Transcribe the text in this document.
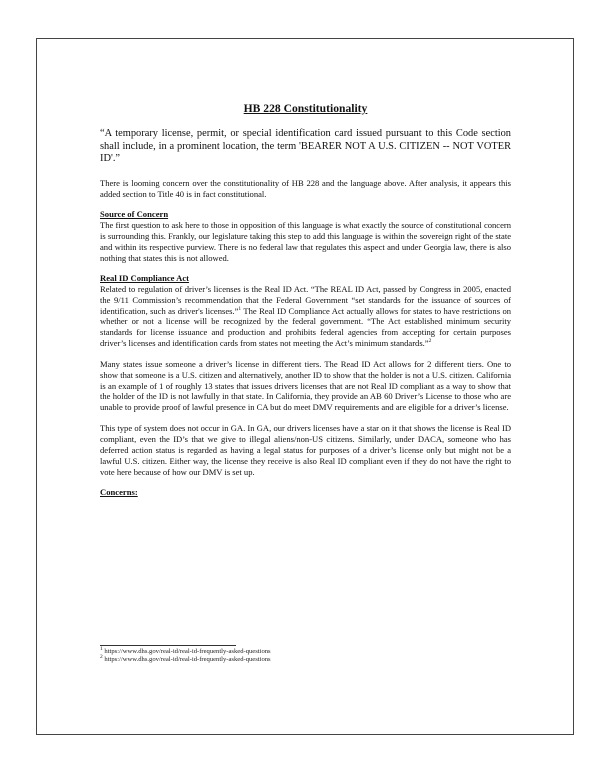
HB 228 Constitutionality
“A temporary license, permit, or special identification card issued pursuant to this Code section shall include, in a prominent location, the term 'BEARER NOT A U.S. CITIZEN -- NOT VOTER ID'.”

There is looming concern over the constitutionality of HB 228 and the language above. After analysis, it appears this added section to Title 40 is in fact constitutional.

Source of Concern

The first question to ask here to those in opposition of this language is what exactly the source of constitutional concern is surrounding this. Frankly, our legislature taking this step to add this language is within the sovereign right of the state and within its respective purview. There is no federal law that regulates this aspect and under Georgia law, there is also nothing that states this is not allowed.

Real ID Compliance Act

Related to regulation of driver’s licenses is the Real ID Act. “The REAL ID Act, passed by Congress in 2005, enacted the 9/11 Commission’s recommendation that the Federal Government “set standards for the issuance of sources of identification, such as driver's licenses.”$^1$ The Real ID Compliance Act actually allows for states to have restrictions on whether or not a license will be recognized by the federal government. “The Act established minimum security standards for license issuance and production and prohibits federal agencies from accepting for certain purposes driver’s licenses and identification cards from states not meeting the Act’s minimum standards.”$^2$

Many states issue someone a driver’s license in different tiers. The Read ID Act allows for 2 different tiers. One to show that someone is a U.S. citizen and alternatively, another ID to show that the holder is not a U.S. citizen. California is an example of 1 of roughly 13 states that issues drivers licenses that are not Real ID compliant as a way to show that the holder of the ID is not lawfully in that state. In California, they provide an AB 60 Driver’s License to those who are unable to provide proof of lawful presence in CA but do meet DMV requirements and are eligible for a driver’s license.

This type of system does not occur in GA. In GA, our drivers licenses have a star on it that shows the license is Real ID compliant, even the ID’s that we give to illegal aliens/non-US citizens. Similarly, under DACA, someone who has deferred action status is regarded as having a legal status for purposes of a driver’s license only but might not be a lawful U.S. citizen. Either way, the license they receive is also Real ID compliant even if they do not have the right to vote here because of how our DMV is set up.

Concerns:
$^1$ https://www.dhs.gov/real-id/real-id-frequently-asked-questions
$^2$ https://www.dhs.gov/real-id/real-id-frequently-asked-questions
